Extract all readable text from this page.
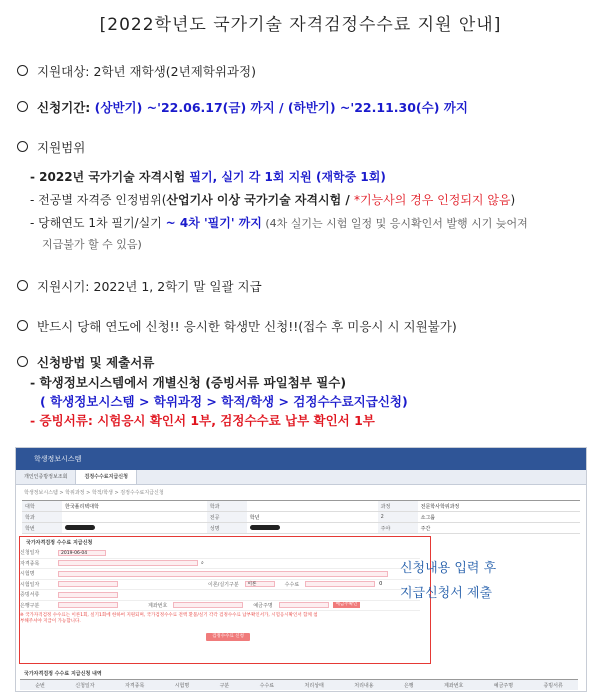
[2022학년도 국가기술 자격검정수수료 지원 안내]
지원대상: 2학년 재학생(2년제학위과정)
신청기간: (상반기) ~'22.06.17(금) 까지 / (하반기) ~'22.11.30(수) 까지
지원범위
- 2022년 국가기술 자격시험 필기, 실기 각 1회 지원 (재학중 1회)
- 전공별 자격증 인정범위(산업기사 이상 국가기술 자격시험 / *기능사의 경우 인정되지 않음)
- 당해연도 1차 필기/실기 ~ 4차 '필기' 까지 (4차 실기는 시험 일정 및 응시확인서 발행 시기 늦어져
지급불가 할 수 있음)
지원시기: 2022년 1, 2학기 말 일괄 지급
반드시 당해 연도에 신청!! 응시한 학생만 신청!!(접수 후 미응시 시 지원불가)
신청방법 및 제출서류
- 학생정보시스템에서 개별신청 (증빙서류 파일첨부 필수)
( 학생정보시스템 > 학위과정 > 학적/학생 > 검정수수료지급신청)
- 증빙서류: 시험응시 확인서 1부, 검정수수료 납부 확인서 1부
학생정보시스템
개인인증방정보조회	검정수수료지급신청
학생정보시스템 > 학위과정 > 학적/학생 > 검정수수료지급신청
대학	한국폴리텍대학	학과		과정	전문학사학위과정
학과		전공	학년	2	소그룹
학번		성명		주야	주간
국가자격검정 수수료 지급신청
신청일자	2019-06-04
자격종목	⌕
시험명
시험일자	이론/실기구분	이론	수수료	0
증빙서류
은행구분	계좌번호	예금주명	예금주확인
※ 국가자격검정 수수료는 이론1회, 실기1회에 한하여 지원되며, 국가검정수수료 전액 환불/실기 각각 검정수수료 납부확인서가, 시험응시확인서 함께 첨부해주셔야 지급이 가능합니다.
검정수수료 신청
신청내용 입력 후
지급신청서 제출
국가자격검정 수수료 지급신청 내역
순번	신청일자	자격종목	시험명	구분	수수료	처리상태	처리내용	은행	계좌번호	예금주명	증빙서류
